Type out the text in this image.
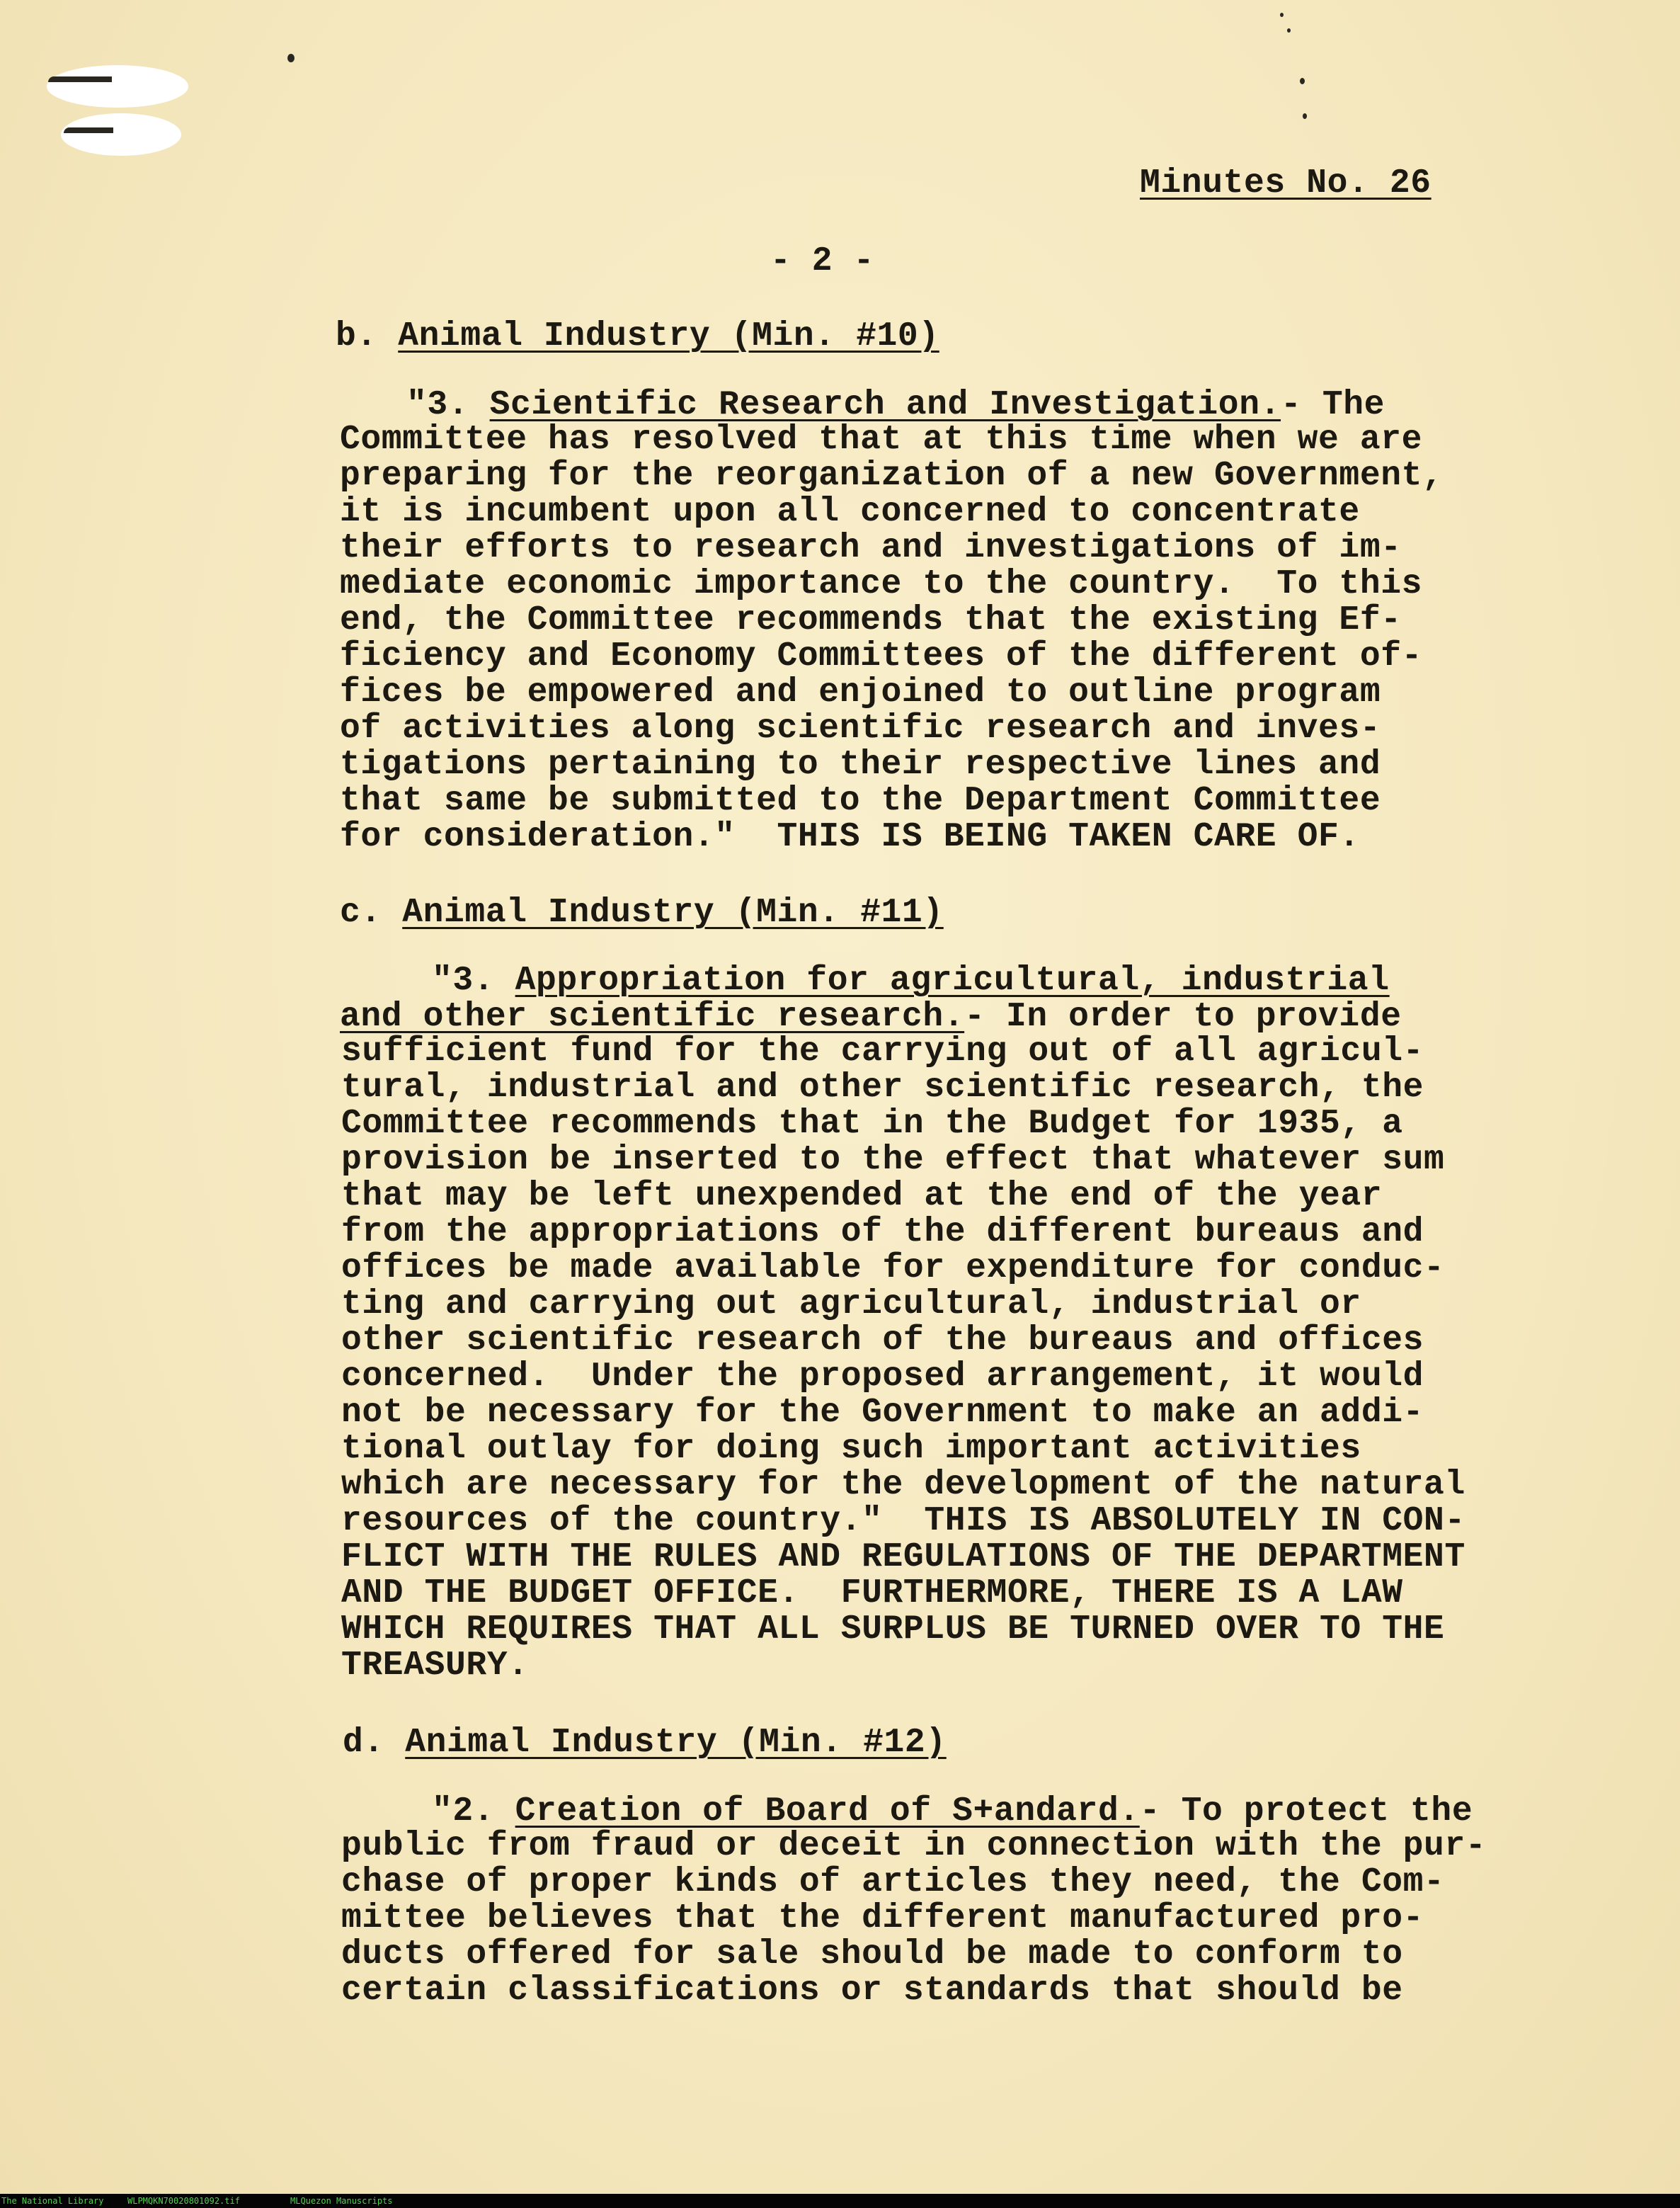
Minutes No. 26
- 2 -
b. Animal Industry (Min. #10)
"3. Scientific Research and Investigation.- The
Committee has resolved that at this time when we are
preparing for the reorganization of a new Government,
it is incumbent upon all concerned to concentrate
their efforts to research and investigations of im-
mediate economic importance to the country.  To this
end, the Committee recommends that the existing Ef-
ficiency and Economy Committees of the different of-
fices be empowered and enjoined to outline program
of activities along scientific research and inves-
tigations pertaining to their respective lines and
that same be submitted to the Department Committee
for consideration."  THIS IS BEING TAKEN CARE OF.
c. Animal Industry (Min. #11)
"3. Appropriation for agricultural, industrial
and other scientific research.- In order to provide
sufficient fund for the carrying out of all agricul-
tural, industrial and other scientific research, the
Committee recommends that in the Budget for 1935, a
provision be inserted to the effect that whatever sum
that may be left unexpended at the end of the year
from the appropriations of the different bureaus and
offices be made available for expenditure for conduc-
ting and carrying out agricultural, industrial or
other scientific research of the bureaus and offices
concerned.  Under the proposed arrangement, it would
not be necessary for the Government to make an addi-
tional outlay for doing such important activities
which are necessary for the development of the natural
resources of the country."  THIS IS ABSOLUTELY IN CON-
FLICT WITH THE RULES AND REGULATIONS OF THE DEPARTMENT
AND THE BUDGET OFFICE.  FURTHERMORE, THERE IS A LAW
WHICH REQUIRES THAT ALL SURPLUS BE TURNED OVER TO THE
TREASURY.
d. Animal Industry (Min. #12)
"2. Creation of Board of S+andard.- To protect the
public from fraud or deceit in connection with the pur-
chase of proper kinds of articles they need, the Com-
mittee believes that the different manufactured pro-
ducts offered for sale should be made to conform to
certain classifications or standards that should be
The National Library	WLPMQKN70020801092.tif	MLQuezon Manuscripts
